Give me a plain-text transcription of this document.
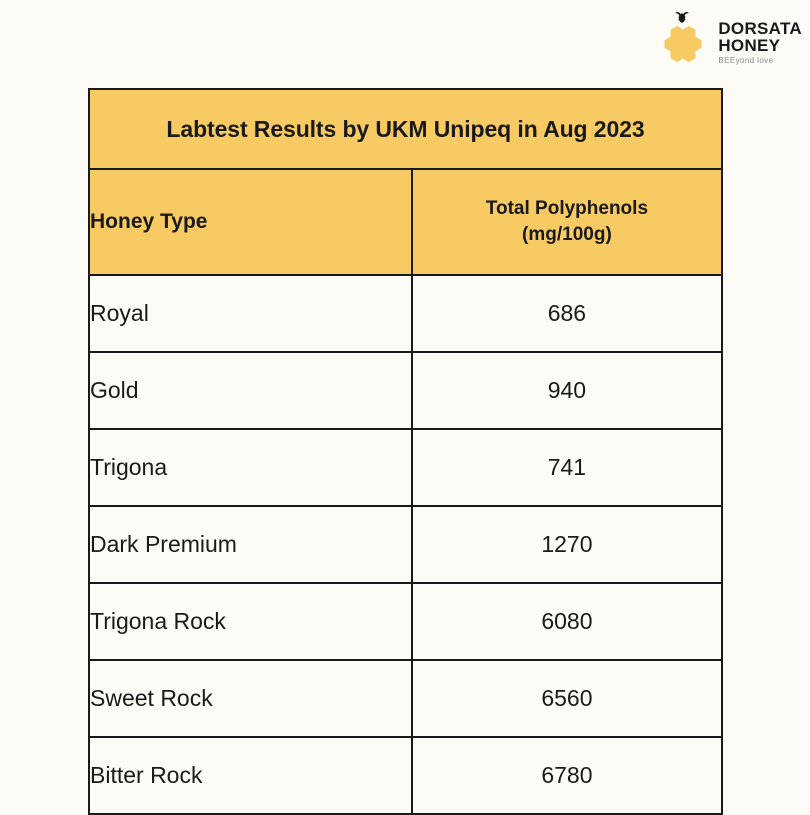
DORSATA
HONEY
BEEyond love
Labtest Results by UKM Unipeq in Aug 2023	
Honey Type	Total Polyphenols
(mg/100g)

Royal	686
Gold	940
Trigona	741
Dark Premium	1270
Trigona Rock	6080
Sweet Rock	6560
Bitter Rock	6780
